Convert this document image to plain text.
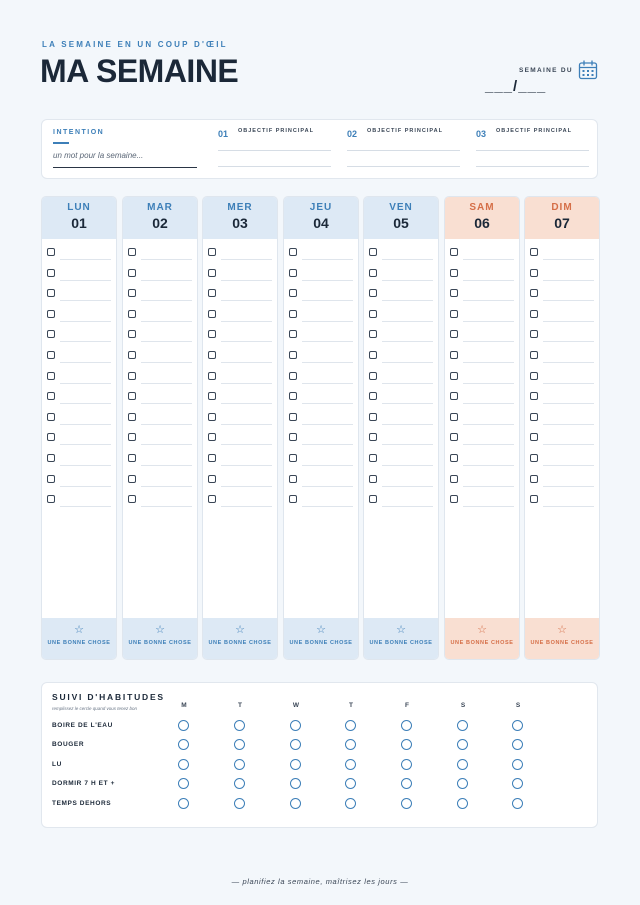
LA SEMAINE EN UN COUP D'ŒIL
MA SEMAINE	SEMAINE DU
___/___
INTENTION
un mot pour la semaine...
01 OBJECTIF PRINCIPAL	02 OBJECTIF PRINCIPAL	03 OBJECTIF PRINCIPAL
LUN
01
☆
UNE BONNE CHOSE
MAR
02
☆
UNE BONNE CHOSE
MER
03
☆
UNE BONNE CHOSE
JEU
04
☆
UNE BONNE CHOSE
VEN
05
☆
UNE BONNE CHOSE
SAM
06
☆
UNE BONNE CHOSE
DIM
07
☆
UNE BONNE CHOSE
SUIVI D'HABITUDES
remplissez le cercle quand vous tenez bon	M	T	W	T	F	S	S
BOIRE DE L'EAU
BOUGER
LU
DORMIR 7 H ET +
TEMPS DEHORS
— planifiez la semaine, maîtrisez les jours —
